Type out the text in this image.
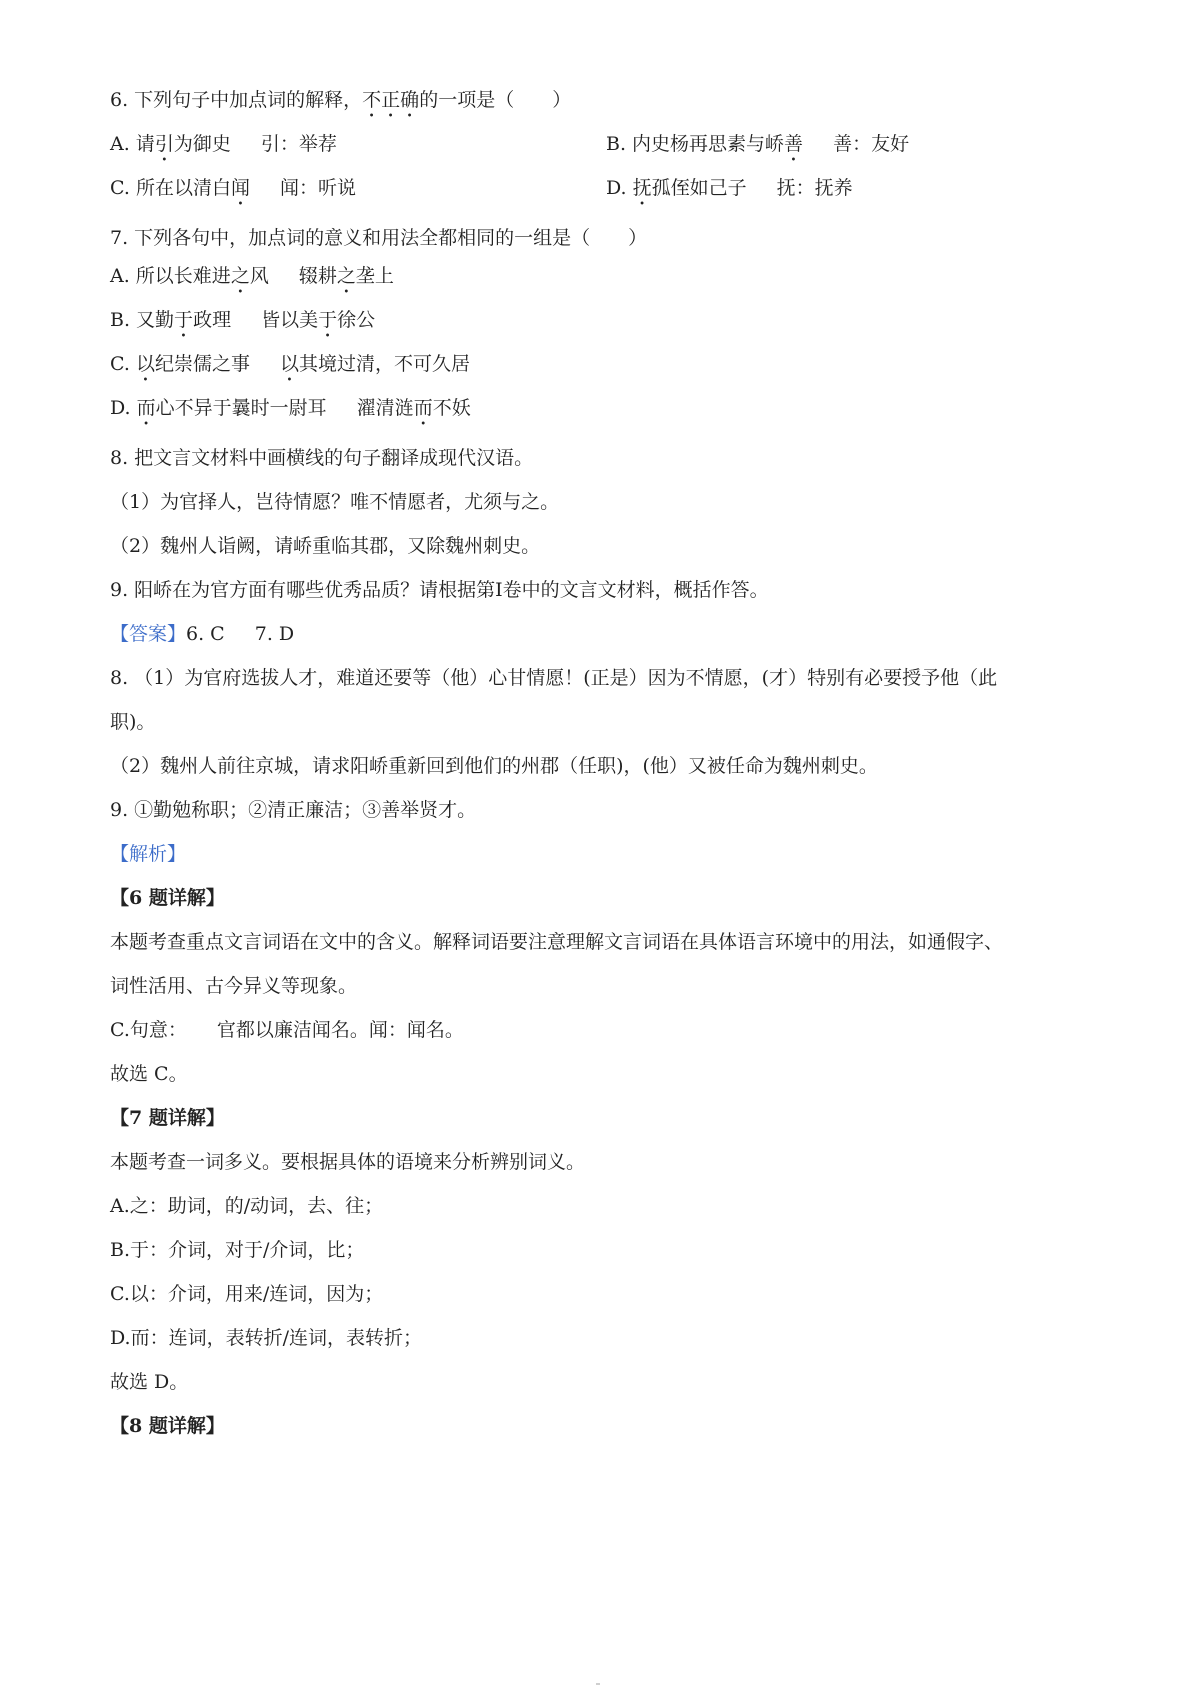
6. 下列句子中加点词的解释，不正确的一项是（　　）
A. 请引为御史 引：举荐	B. 内史杨再思素与峤善 善：友好
C. 所在以清白闻 闻：听说	D. 抚孤侄如己子 抚：抚养
7. 下列各句中，加点词的意义和用法全都相同的一组是（　　）
A. 所以长难进之风 辍耕之垄上
B. 又勤于政理 皆以美于徐公
C. 以纪崇儒之事 以其境过清，不可久居
D. 而心不异于曩时一尉耳 濯清涟而不妖
8. 把文言文材料中画横线的句子翻译成现代汉语。
（1）为官择人，岂待情愿？唯不情愿者，尤须与之。
（2）魏州人诣阙，请峤重临其郡，又除魏州刺史。
9. 阳峤在为官方面有哪些优秀品质？请根据第Ⅰ卷中的文言文材料，概括作答。
【答案】6. C 7. D
8. （1）为官府选拔人才，难道还要等（他）心甘情愿！(正是）因为不情愿，(才）特别有必要授予他（此
职)。
（2）魏州人前往京城，请求阳峤重新回到他们的州郡（任职)，(他）又被任命为魏州刺史。
9. ①勤勉称职；②清正廉洁；③善举贤才。
【解析】
【6 题详解】
本题考查重点文言词语在文中的含义。解释词语要注意理解文言词语在具体语言环境中的用法，如通假字、
词性活用、古今异义等现象。
C.句意： 官都以廉洁闻名。闻：闻名。
故选 C。
【7 题详解】
本题考查一词多义。要根据具体的语境来分析辨别词义。
A.之：助词，的/动词，去、往；
B.于：介词，对于/介词，比；
C.以：介词，用来/连词，因为；
D.而：连词，表转折/连词，表转折；
故选 D。
【8 题详解】
